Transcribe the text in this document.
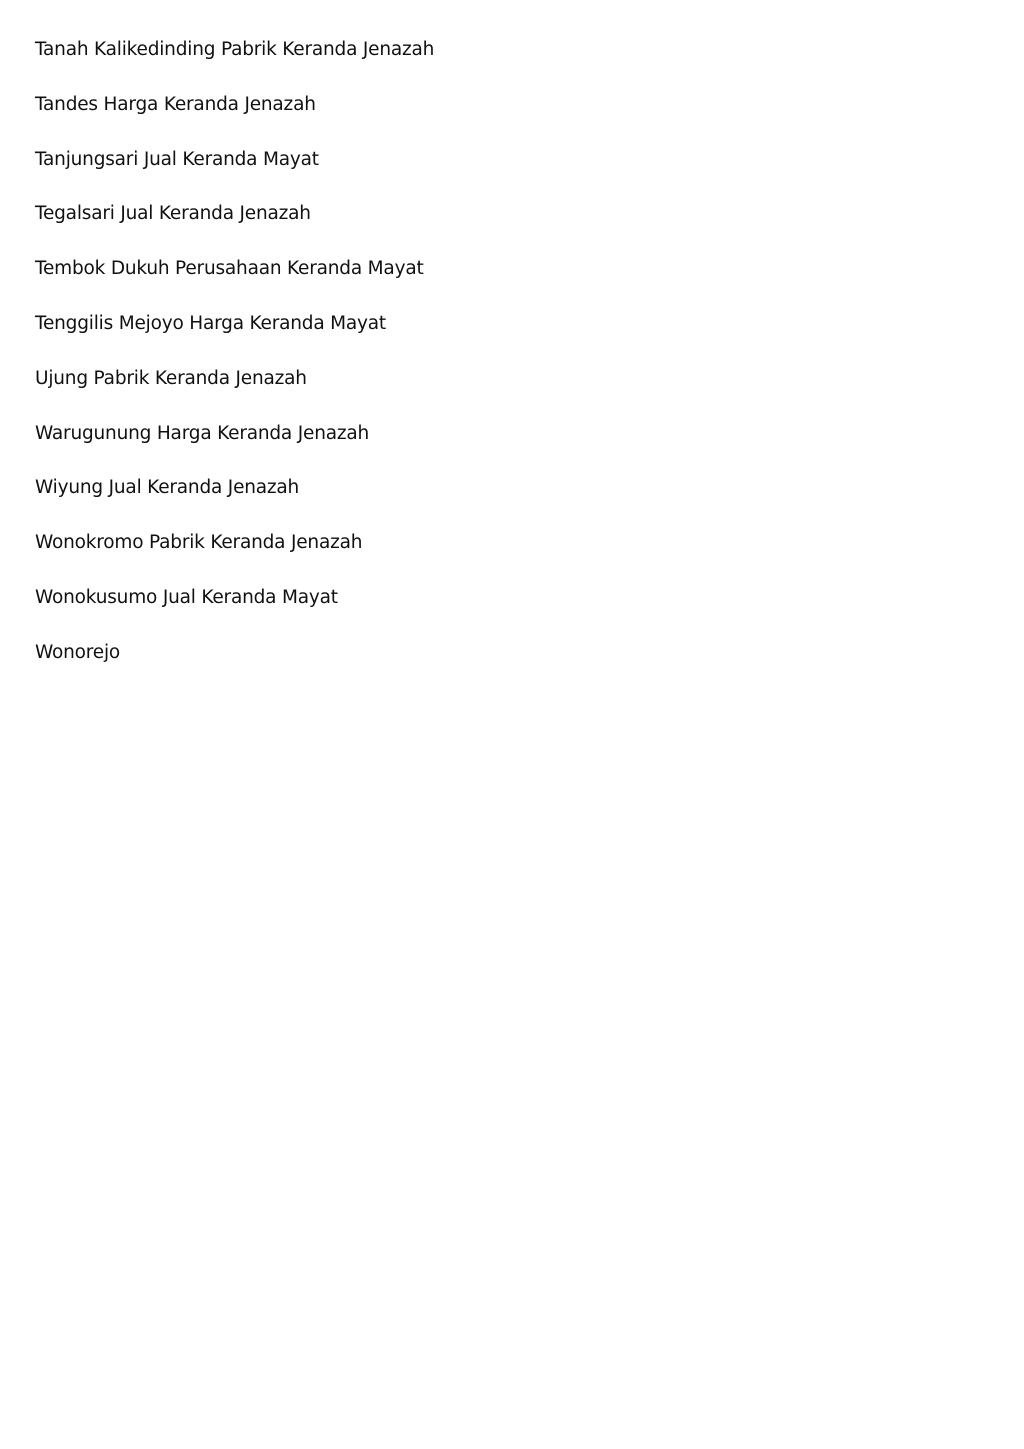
Tanah Kalikedinding Pabrik Keranda Jenazah
Tandes Harga Keranda Jenazah
Tanjungsari Jual Keranda Mayat
Tegalsari Jual Keranda Jenazah
Tembok Dukuh Perusahaan Keranda Mayat
Tenggilis Mejoyo Harga Keranda Mayat
Ujung Pabrik Keranda Jenazah
Warugunung Harga Keranda Jenazah
Wiyung Jual Keranda Jenazah
Wonokromo Pabrik Keranda Jenazah
Wonokusumo Jual Keranda Mayat
Wonorejo
